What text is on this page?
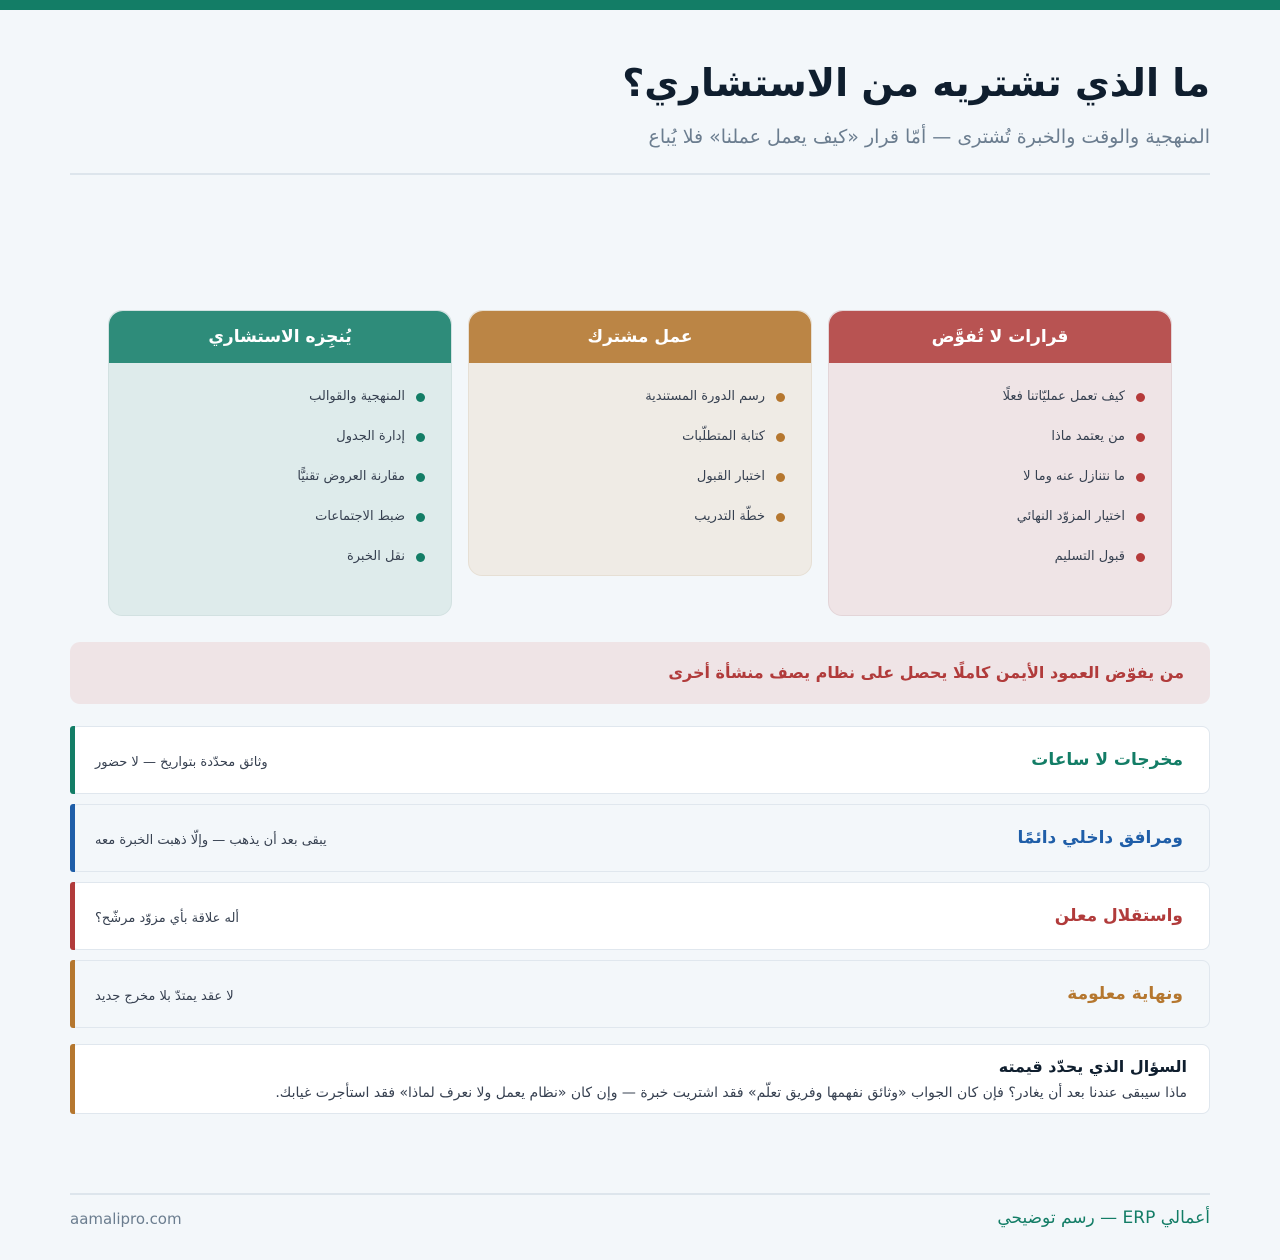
ما الذي تشتريه من الاستشاري؟
المنهجية والوقت والخبرة تُشترى — أمّا قرار «كيف يعمل عملنا» فلا يُباع
قرارات لا تُفوَّض
كيف تعمل عمليّاتنا فعلًا
من يعتمد ماذا
ما نتنازل عنه وما لا
اختيار المزوّد النهائي
قبول التسليم
عمل مشترك
رسم الدورة المستندية
كتابة المتطلّبات
اختبار القبول
خطّة التدريب
يُنجِزه الاستشاري
المنهجية والقوالب
إدارة الجدول
مقارنة العروض تقنيًّا
ضبط الاجتماعات
نقل الخبرة
من يفوّض العمود الأيمن كاملًا يحصل على نظام يصف منشأة أخرى
مخرجات لا ساعات
وثائق محدّدة بتواريخ — لا حضور
ومرافق داخلي دائمًا
يبقى بعد أن يذهب — وإلّا ذهبت الخبرة معه
واستقلال معلن
أله علاقة بأي مزوّد مرشّح؟
ونهاية معلومة
لا عقد يمتدّ بلا مخرج جديد
السؤال الذي يحدّد قيمته
ماذا سيبقى عندنا بعد أن يغادر؟ فإن كان الجواب «وثائق نفهمها وفريق تعلّم» فقد اشتريت خبرة — وإن كان «نظام يعمل ولا نعرف لماذا» فقد استأجرت غيابك.
أعمالي ERP — رسم توضيحي
aamalipro.com
